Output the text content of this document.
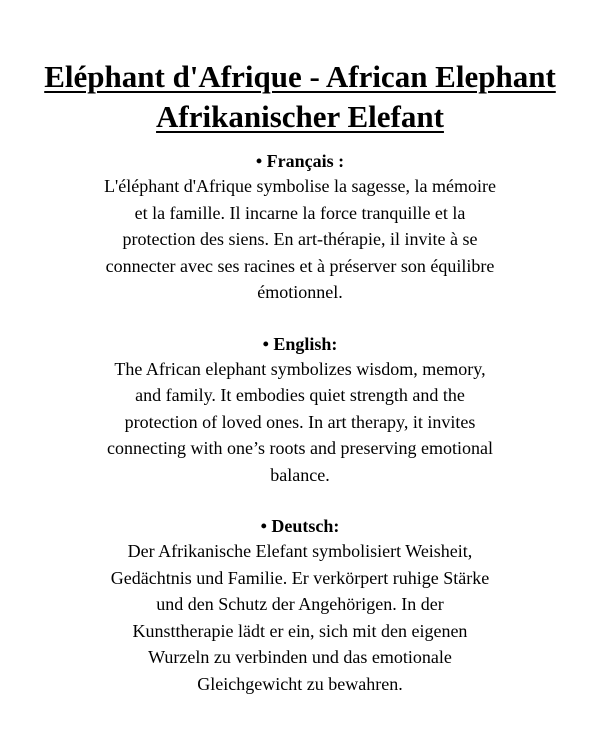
Eléphant d'Afrique - African Elephant
Afrikanischer Elefant

• Français :

L'éléphant d'Afrique symbolise la sagesse, la mémoire
et la famille. Il incarne la force tranquille et la
protection des siens. En art-thérapie, il invite à se
connecter avec ses racines et à préserver son équilibre
émotionnel.

• English:

The African elephant symbolizes wisdom, memory,
and family. It embodies quiet strength and the
protection of loved ones. In art therapy, it invites
connecting with one’s roots and preserving emotional
balance.

• Deutsch:

Der Afrikanische Elefant symbolisiert Weisheit,
Gedächtnis und Familie. Er verkörpert ruhige Stärke
und den Schutz der Angehörigen. In der
Kunsttherapie lädt er ein, sich mit den eigenen
Wurzeln zu verbinden und das emotionale
Gleichgewicht zu bewahren.
